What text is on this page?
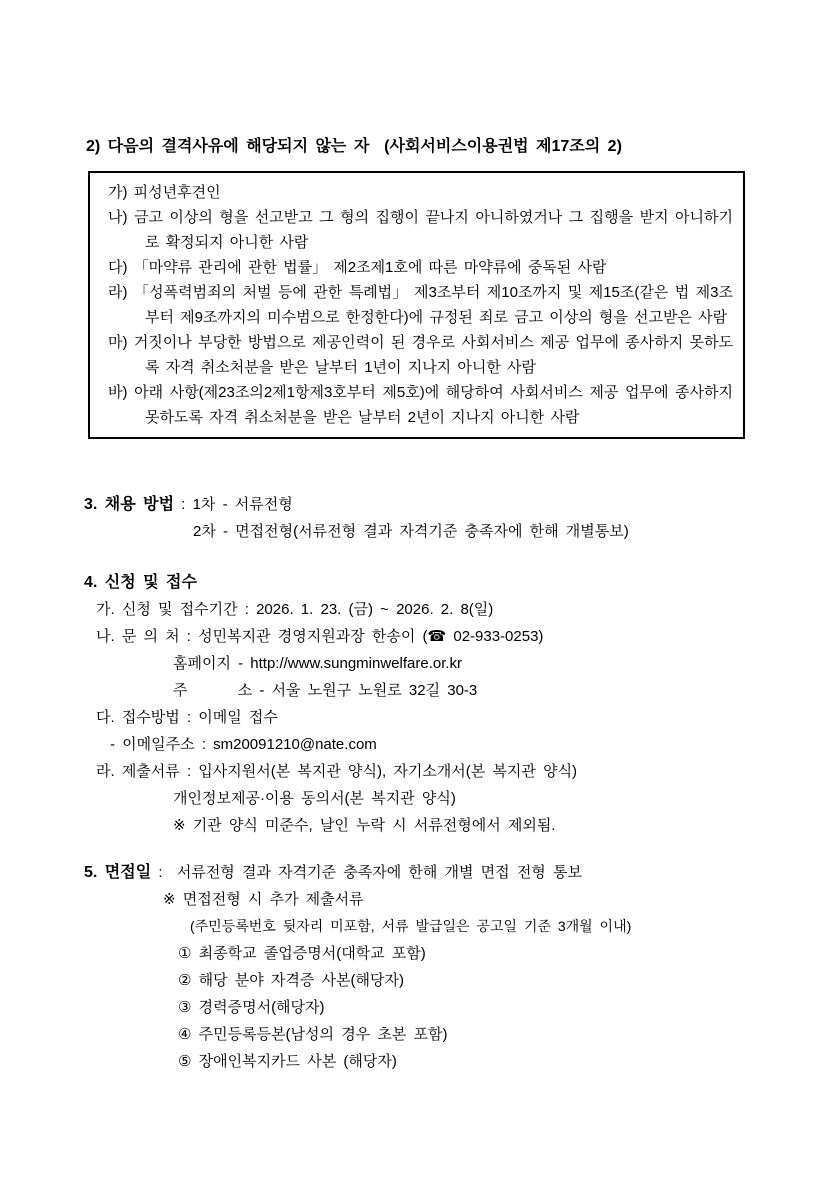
2) 다음의 결격사유에 해당되지 않는 자  (사회서비스이용권법 제17조의 2)

가) 피성년후견인

나) 금고 이상의 형을 선고받고 그 형의 집행이 끝나지 아니하였거나 그 집행을 받지 아니하기로 확정되지 아니한 사람

다) 「마약류 관리에 관한 법률」 제2조제1호에 따른 마약류에 중독된 사람

라) 「성폭력범죄의 처벌 등에 관한 특례법」 제3조부터 제10조까지 및 제15조(같은 법 제3조부터 제9조까지의 미수범으로 한정한다)에 규정된 죄로 금고 이상의 형을 선고받은 사람

마) 거짓이나 부당한 방법으로 제공인력이 된 경우로 사회서비스 제공 업무에 종사하지 못하도록 자격 취소처분을 받은 날부터 1년이 지나지 아니한 사람

바) 아래 사항(제23조의2제1항제3호부터 제5호)에 해당하여 사회서비스 제공 업무에 종사하지 못하도록 자격 취소처분을 받은 날부터 2년이 지나지 아니한 사람

3. 채용 방법 : 1차 - 서류전형
2차 - 면접전형(서류전형 결과 자격기준 충족자에 한해 개별통보)
4. 신청 및 접수
가. 신청 및 접수기간 : 2026. 1. 23. (금) ~ 2026. 2. 8(일)
나. 문 의 처 : 성민복지관 경영지원과장 한송이 (☎ 02-933-0253)
홈페이지 - http://www.sungminwelfare.or.kr
주       소 - 서울 노원구 노원로 32길 30-3
다. 접수방법 : 이메일 접수
- 이메일주소 : sm20091210@nate.com
라. 제출서류 : 입사지원서(본 복지관 양식), 자기소개서(본 복지관 양식)
개인정보제공·이용 동의서(본 복지관 양식)
※ 기관 양식 미준수, 날인 누락 시 서류전형에서 제외됨.
5. 면접일 :  서류전형 결과 자격기준 충족자에 한해 개별 면접 전형 통보
※ 면접전형 시 추가 제출서류
(주민등록번호 뒷자리 미포함, 서류 발급일은 공고일 기준 3개월 이내)
① 최종학교 졸업증명서(대학교 포함)
② 해당 분야 자격증 사본(해당자)
③ 경력증명서(해당자)
④ 주민등록등본(남성의 경우 초본 포함)
⑤ 장애인복지카드 사본 (해당자)
